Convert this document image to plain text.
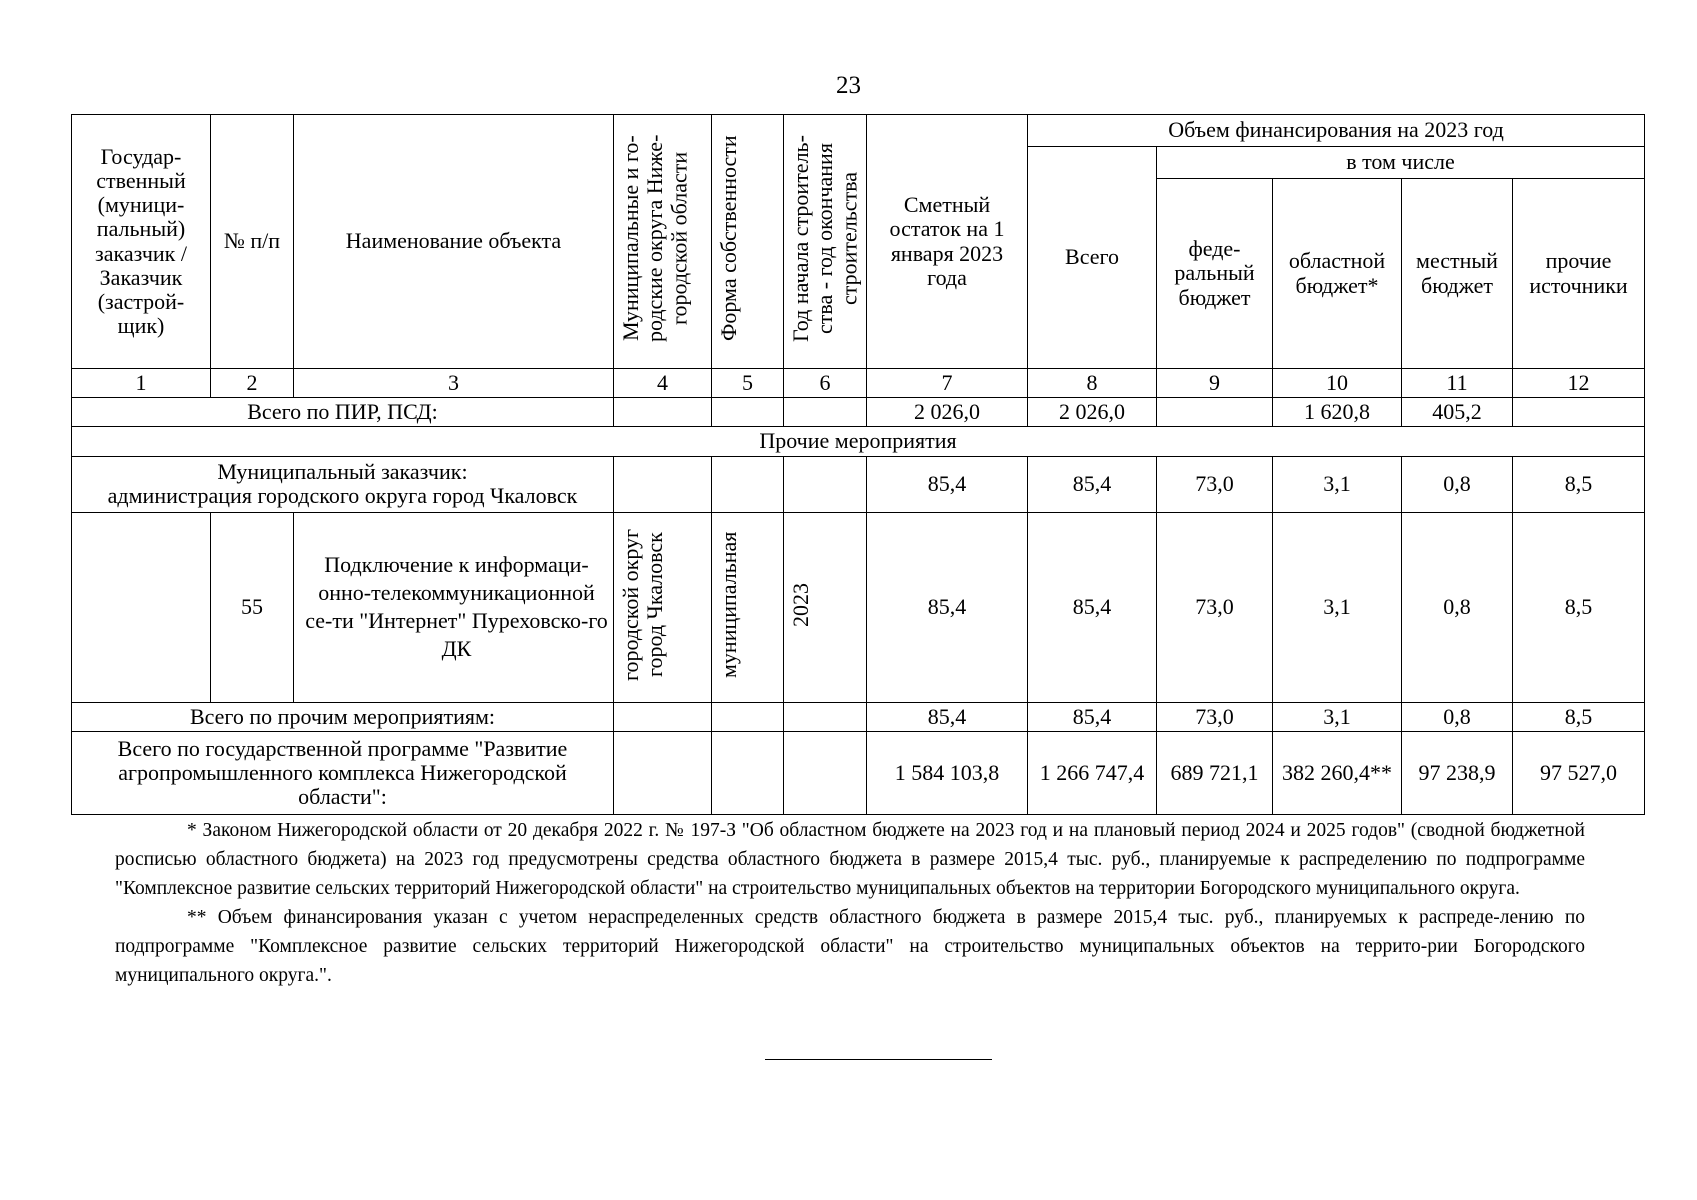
23
Государ-ственный (муници-пальный) заказчик / Заказчик (застрой-щик)	№ п/п	Наименование объекта	Муниципальные и го-родские округа Ниже-городской области	Форма собственности	Год начала строитель-ства - год окончания строительства	Сметный остаток на 1 января 2023 года	Объем финансирования на 2023 год				
							Всего	в том числе			
								феде-ральный бюджет	областной бюджет*	местный бюджет	прочие источники
1	2	3	4	5	6	7	8	9	10	11	12
Всего по ПИР, ПСД:						2 026,0	2 026,0		1 620,8	405,2	
Прочие мероприятия											

Муниципальный заказчик:
администрация городского округа город Чкаловск						85,4	85,4	73,0	3,1	0,8	8,5
	55	Подключение к информаци-онно-телекоммуникационной се-ти "Интернет" Пуреховско-го ДК	городской округ город Чкаловск	муниципальная	2023	85,4	85,4	73,0	3,1	0,8	8,5
Всего по прочим мероприятиям:						85,4	85,4	73,0	3,1	0,8	8,5
Всего по государственной программе "Развитие агропромышленного комплекса Нижегородской области":						1 584 103,8	1 266 747,4	689 721,1	382 260,4**	97 238,9	97 527,0

* Законом Нижегородской области от 20 декабря 2022 г. № 197-З "Об областном бюджете на 2023 год и на плановый период 2024 и 2025 годов" (сводной бюджетной росписью областного бюджета) на 2023 год предусмотрены средства областного бюджета в размере 2015,4 тыс. руб., планируемые к распределению по подпрограмме "Комплексное развитие сельских территорий Нижегородской области" на строительство муниципальных объектов на территории Богородского муниципального округа.

** Объем финансирования указан с учетом нераспределенных средств областного бюджета в размере 2015,4 тыс. руб., планируемых к распреде-лению по подпрограмме "Комплексное развитие сельских территорий Нижегородской области" на строительство муниципальных объектов на террито-рии Богородского муниципального округа.".
